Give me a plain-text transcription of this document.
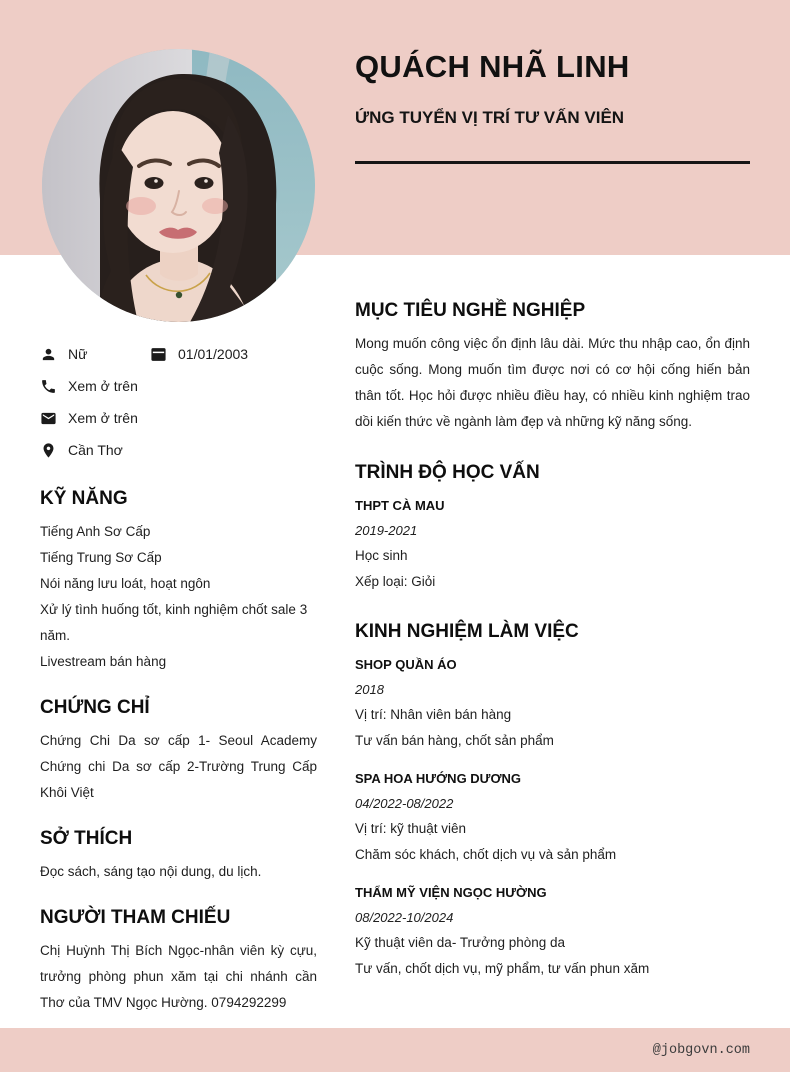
QUÁCH NHÃ LINH
ỨNG TUYỂN VỊ TRÍ TƯ VẤN VIÊN
Nữ	01/01/2003
Xem ở trên
Xem ở trên
Cần Thơ
KỸ NĂNG
Tiếng Anh Sơ Cấp
Tiếng Trung Sơ Cấp
Nói năng lưu loát, hoạt ngôn
Xử lý tình huống tốt, kinh nghiệm chốt sale 3 năm.
Livestream bán hàng
CHỨNG CHỈ
Chứng Chi Da sơ cấp 1- Seoul Academy Chứng chi Da sơ cấp 2-Trường Trung Cấp Khôi Việt
SỞ THÍCH
Đọc sách, sáng tạo nội dung, du lịch.
NGƯỜI THAM CHIẾU
Chị Huỳnh Thị Bích Ngọc-nhân viên kỳ cựu, trưởng phòng phun xăm tại chi nhánh cần Thơ của TMV Ngọc Hường. 0794292299
MỤC TIÊU NGHỀ NGHIỆP
Mong muốn công việc ổn định lâu dài. Mức thu nhập cao, ổn định cuộc sống. Mong muốn tìm được nơi có cơ hội cống hiến bản thân tốt. Học hỏi được nhiều điều hay, có nhiều kinh nghiệm trao dồi kiến thức về ngành làm đẹp và những kỹ năng sống.
TRÌNH ĐỘ HỌC VẤN
THPT CÀ MAU
2019-2021
Học sinh
Xếp loại: Giỏi
KINH NGHIỆM LÀM VIỆC
SHOP QUẦN ÁO
2018
Vị trí: Nhân viên bán hàng
Tư vấn bán hàng, chốt sản phẩm
SPA HOA HƯỚNG DƯƠNG
04/2022-08/2022
Vị trí: kỹ thuật viên
Chăm sóc khách, chốt dịch vụ và sản phẩm
THẨM MỸ VIỆN NGỌC HƯỜNG
08/2022-10/2024
Kỹ thuật viên da- Trưởng phòng da
Tư vấn, chốt dịch vụ, mỹ phẩm, tư vấn phun xăm
@jobgovn.com
